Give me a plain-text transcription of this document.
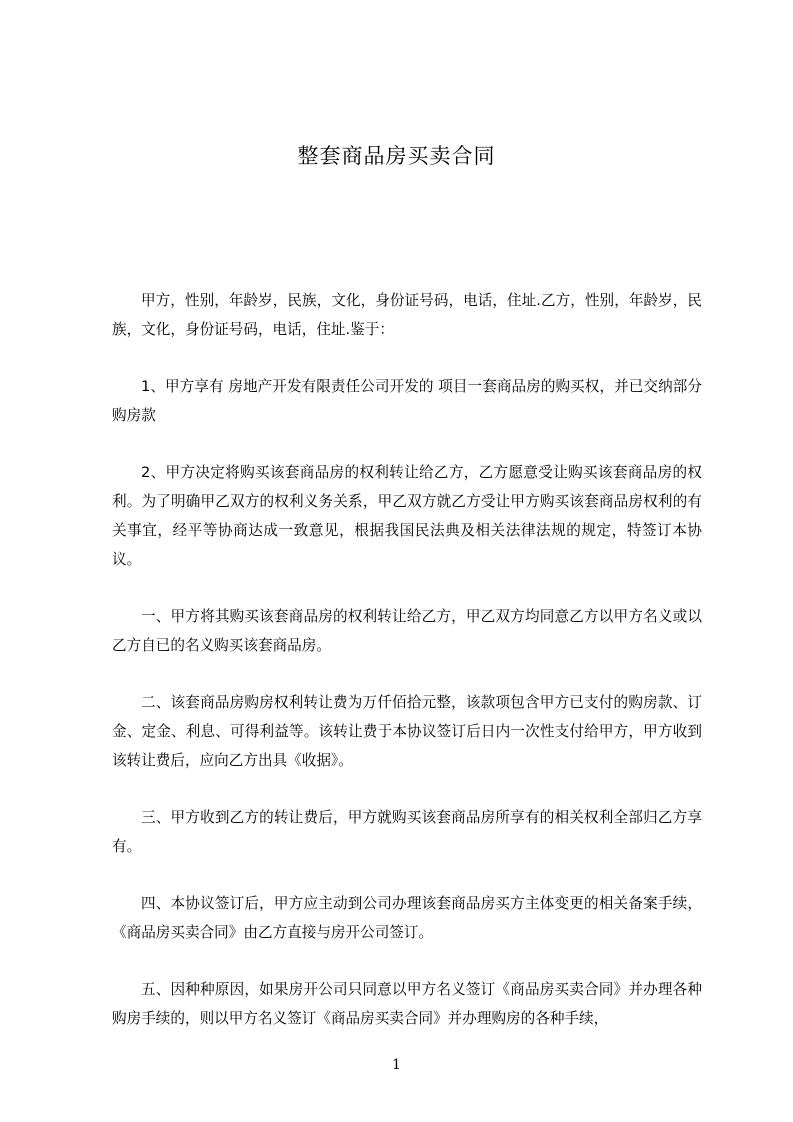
整套商品房买卖合同

甲方，性别，年龄岁，民族，文化，身份证号码，电话，住址.乙方，性别，年龄岁，民族，文化，身份证号码，电话，住址.鉴于：

1、甲方享有 房地产开发有限责任公司开发的 项目一套商品房的购买权，并已交纳部分购房款

2、甲方决定将购买该套商品房的权利转让给乙方，乙方愿意受让购买该套商品房的权利。为了明确甲乙双方的权利义务关系，甲乙双方就乙方受让甲方购买该套商品房权利的有关事宜，经平等协商达成一致意见，根据我国民法典及相关法律法规的规定，特签订本协议。

一、甲方将其购买该套商品房的权利转让给乙方，甲乙双方均同意乙方以甲方名义或以乙方自已的名义购买该套商品房。

二、该套商品房购房权利转让费为万仟佰拾元整，该款项包含甲方已支付的购房款、订金、定金、利息、可得利益等。该转让费于本协议签订后日内一次性支付给甲方，甲方收到该转让费后，应向乙方出具《收据》。

三、甲方收到乙方的转让费后，甲方就购买该套商品房所享有的相关权利全部归乙方享有。

四、本协议签订后，甲方应主动到公司办理该套商品房买方主体变更的相关备案手续，《商品房买卖合同》由乙方直接与房开公司签订。

五、因种种原因，如果房开公司只同意以甲方名义签订《商品房买卖合同》并办理各种购房手续的，则以甲方名义签订《商品房买卖合同》并办理购房的各种手续，

1
